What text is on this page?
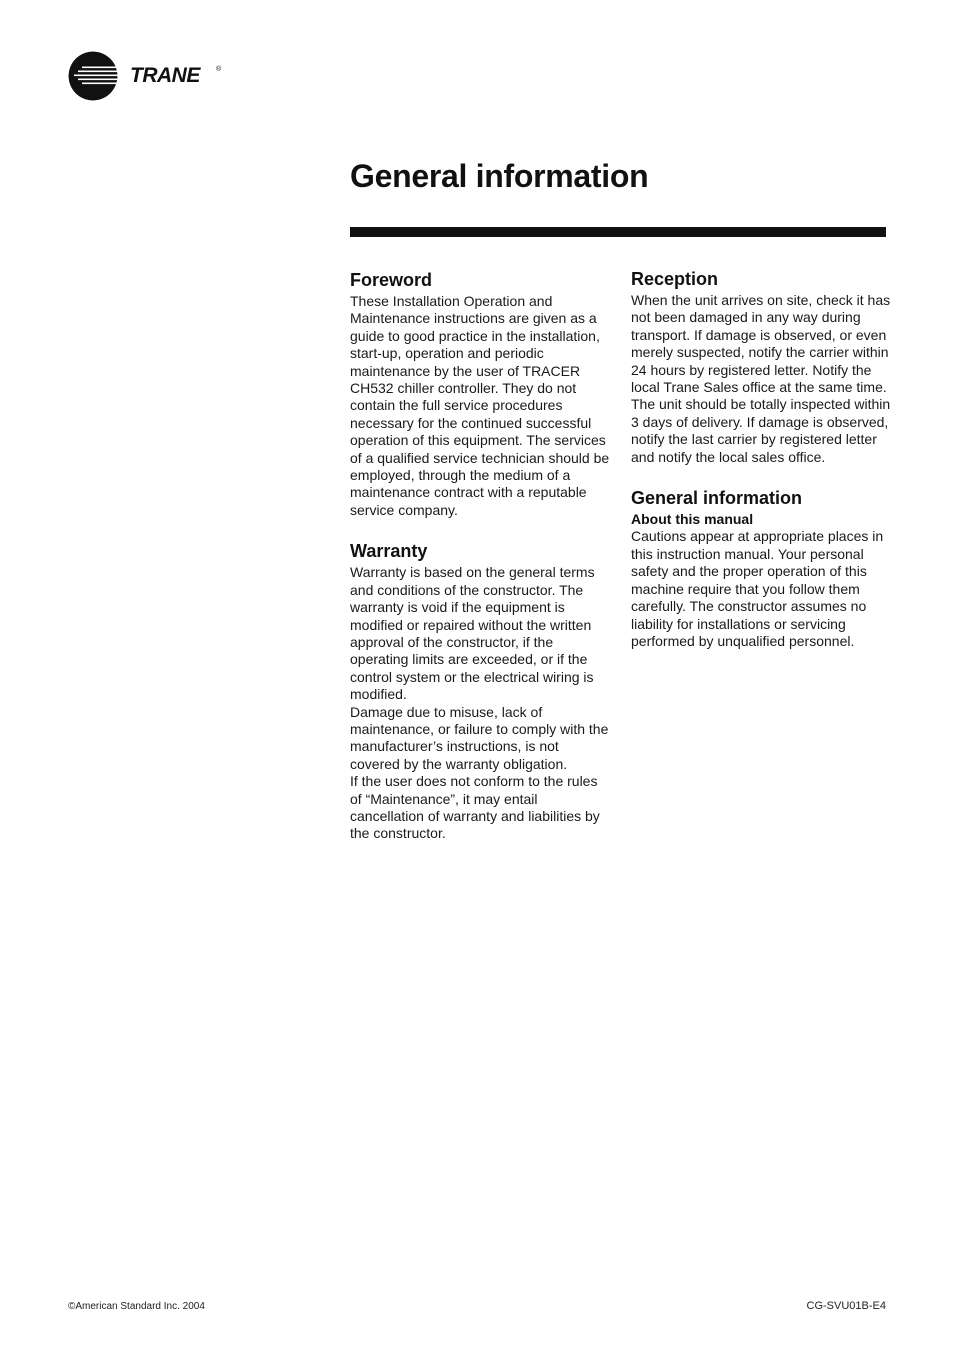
TRANE ®
General information
Foreword

These Installation Operation and Maintenance instructions are given as a guide to good practice in the installation, start-up, operation and periodic maintenance by the user of TRACER CH532 chiller controller. They do not contain the full service procedures necessary for the continued successful operation of this equipment. The services of a qualified service technician should be employed, through the medium of a maintenance contract with a reputable service company.

Warranty

Warranty is based on the general terms and conditions of the constructor. The warranty is void if the equipment is modified or repaired without the written approval of the constructor, if the operating limits are exceeded, or if the control system or the electrical wiring is modified.

Damage due to misuse, lack of maintenance, or failure to comply with the manufacturer’s instructions, is not covered by the warranty obligation.

If the user does not conform to the rules of “Maintenance”, it may entail cancellation of warranty and liabilities by the constructor.

Reception

When the unit arrives on site, check it has not been damaged in any way during transport. If damage is observed, or even merely suspected, notify the carrier within 24 hours by registered letter. Notify the local Trane Sales office at the same time. The unit should be totally inspected within 3 days of delivery. If damage is observed, notify the last carrier by registered letter and notify the local sales office.

General information
About this manual

Cautions appear at appropriate places in this instruction manual. Your personal safety and the proper operation of this machine require that you follow them carefully. The constructor assumes no liability for installations or servicing performed by unqualified personnel.

©American Standard Inc. 2004	CG-SVU01B-E4
